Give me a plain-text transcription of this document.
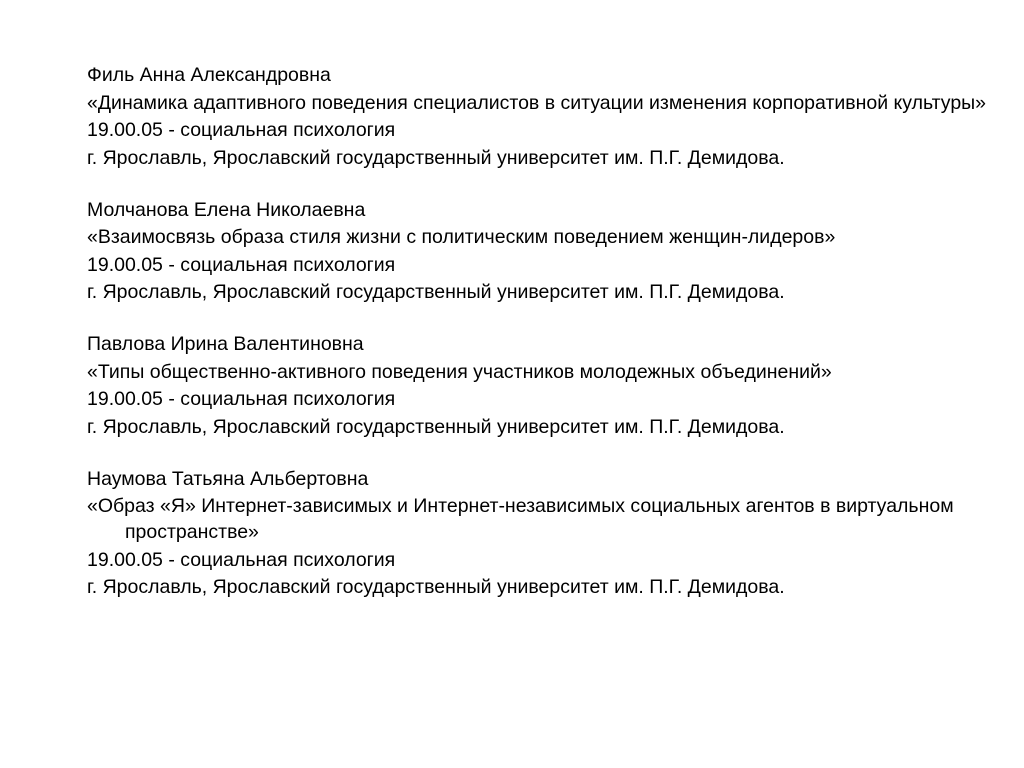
Филь Анна Александровна

«Динамика адаптивного поведения специалистов в ситуации изменения корпоративной культуры»

19.00.05 - социальная психология

г. Ярославль, Ярославский государственный университет им. П.Г. Демидова.

Молчанова Елена Николаевна

«Взаимосвязь образа стиля жизни с политическим поведением женщин-лидеров»

19.00.05 - социальная психология

г. Ярославль, Ярославский государственный университет им. П.Г. Демидова.

Павлова Ирина Валентиновна

«Типы общественно-активного поведения участников молодежных объединений»

19.00.05 - социальная психология

г. Ярославль, Ярославский государственный университет им. П.Г. Демидова.

Наумова Татьяна Альбертовна

«Образ «Я» Интернет-зависимых и Интернет-независимых социальных агентов в виртуальном пространстве»

19.00.05 - социальная психология

г. Ярославль, Ярославский государственный университет им. П.Г. Демидова.
